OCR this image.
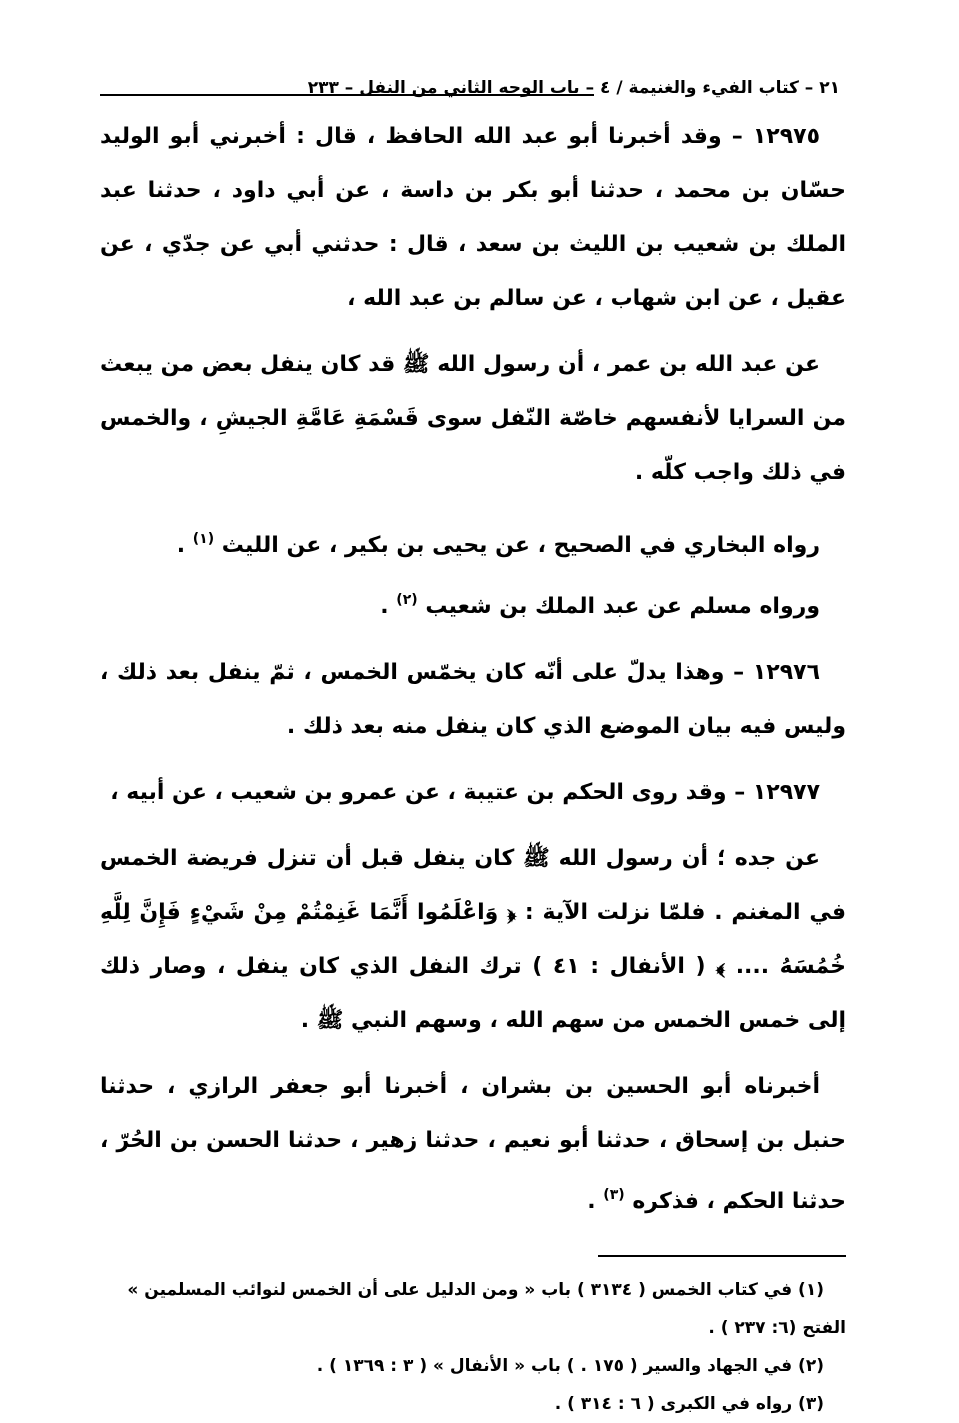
٢١ – كتاب الفيء والغنيمة / ٤ – باب الوجه الثاني من النفل – ٢٣٣

١٢٩٧٥ – وقد أخبرنا أبو عبد الله الحافظ ، قال : أخبرني أبو الوليد حسّان بن محمد ، حدثنا أبو بكر بن داسة ، عن أبي داود ، حدثنا عبد الملك بن شعيب بن الليث بن سعد ، قال : حدثني أبي عن جدّي ، عن عقيل ، عن ابن شهاب ، عن سالم بن عبد الله ،

عن عبد الله بن عمر ، أن رسول الله ﷺ قد كان ينفل بعض من يبعث من السرايا لأنفسهم خاصّة النّفل سوى قَسْمَةِ عَامَّةِ الجيشِ ، والخمس في ذلك واجب كلّه .

رواه البخاري في الصحيح ، عن يحيى بن بكير ، عن الليث $^{(١)}$ .

ورواه مسلم عن عبد الملك بن شعيب $^{(٢)}$ .

١٢٩٧٦ – وهذا يدلّ على أنّه كان يخمّس الخمس ، ثمّ ينفل بعد ذلك ، وليس فيه بيان الموضع الذي كان ينفل منه بعد ذلك .

١٢٩٧٧ – وقد روى الحكم بن عتيبة ، عن عمرو بن شعيب ، عن أبيه ،

عن جده ؛ أن رسول الله ﷺ كان ينفل قبل أن تنزل فريضة الخمس في المغنم . فلمّا نزلت الآية : ﴿ وَاعْلَمُوا أَنَّمَا غَنِمْتُمْ مِنْ شَيْءٍ فَإِنَّ لِلَّهِ خُمُسَهُ .... ﴾ ( الأنفال : ٤١ ) ترك النفل الذي كان ينفل ، وصار ذلك إلى خمس الخمس من سهم الله ، وسهم النبي ﷺ .

أخبرناه أبو الحسين بن بشران ، أخبرنا أبو جعفر الرازي ، حدثنا حنبل بن إسحاق ، حدثنا أبو نعيم ، حدثنا زهير ، حدثنا الحسن بن الحُرّ ، حدثنا الحكم ، فذكره $^{(٣)}$ .

(١) في كتاب الخمس ( ٣١٣٤ ) باب « ومن الدليل على أن الخمس لنوائب المسلمين » الفتح (٦: ٢٣٧ ) .

(٢) في الجهاد والسير ( ١٧٥ . ) باب « الأنفال » ( ٣ : ١٣٦٩ ) .

(٣) رواه في الكبرى ( ٦ : ٣١٤ ) .
